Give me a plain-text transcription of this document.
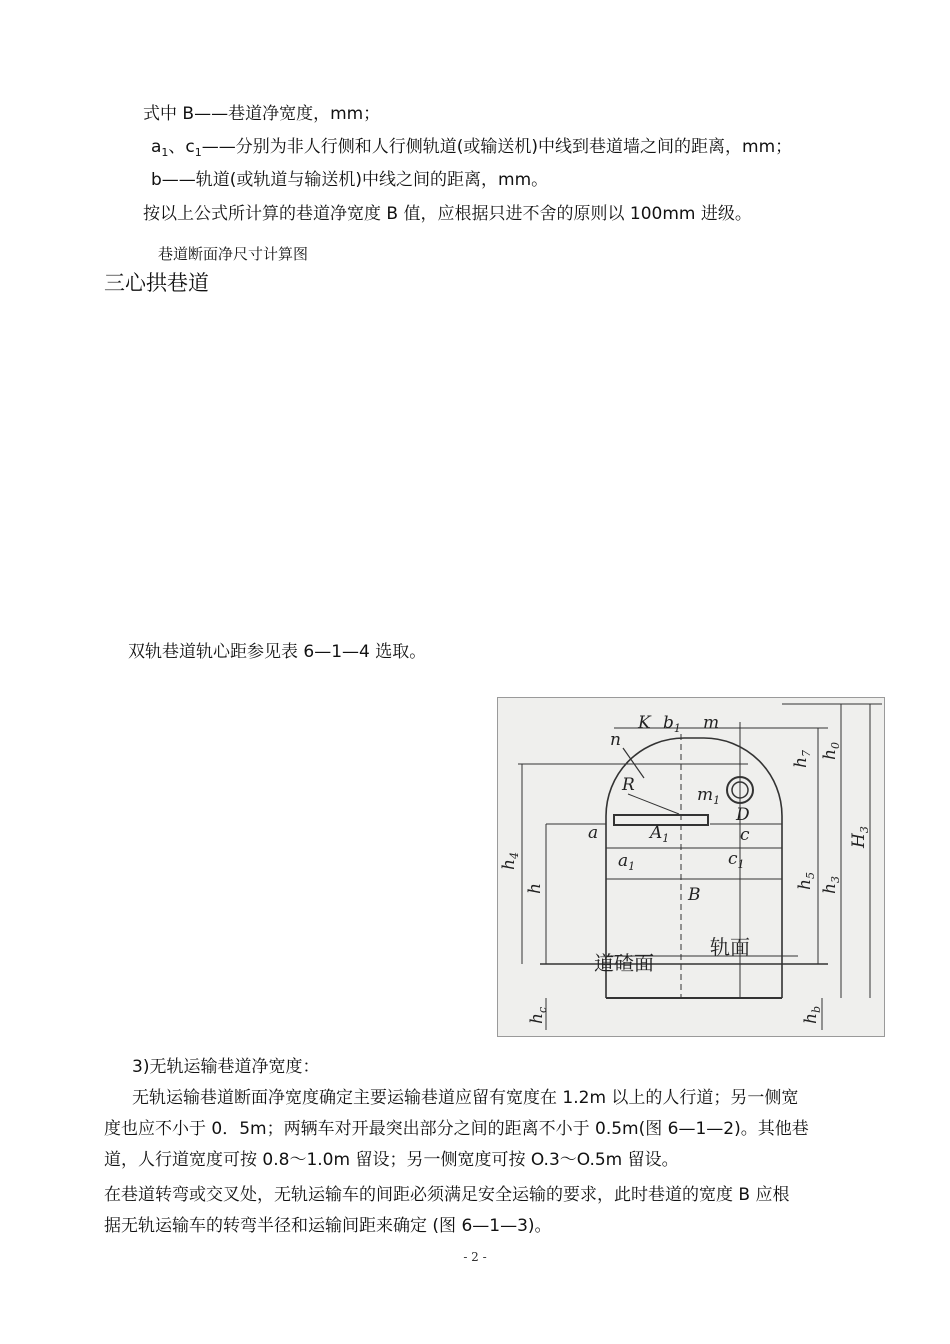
式中 B——巷道净宽度，mm；
$a_1$、$c_1——$分别为非人行侧和人行侧轨道(或输送机)中线到巷道墙之间的距离，mm；
b——轨道(或轨道与输送机)中线之间的距离，mm。
按以上公式所计算的巷道净宽度 B 值，应根据只进不舍的原则以 100mm 进级。
巷道断面净尺寸计算图
三心拱巷道
双轨巷道轨心距参见表 6—1—4 选取。
K $b_1$ m
n
R	$m_1$
D
a	$A_1$	c
$a_1$	$c_1$
B
$h_4$
h
$h_c$
$h_7$ $h_0$
$h_5$
$h_3$
$H_3$
$h_b$
道碴面
轨面
3)无轨运输巷道净宽度：
无轨运输巷道断面净宽度确定主要运输巷道应留有宽度在 1.2m 以上的人行道；另一侧宽
度也应不小于 0．5m；两辆车对开最突出部分之间的距离不小于 0.5m(图 6—1—2)。其他巷
道，人行道宽度可按 0.8～1.0m 留设；另一侧宽度可按 O.3～O.5m 留设。
在巷道转弯或交叉处，无轨运输车的间距必须满足安全运输的要求，此时巷道的宽度 B 应根
据无轨运输车的转弯半径和运输间距来确定 (图 6—1—3)。
- 2 -
